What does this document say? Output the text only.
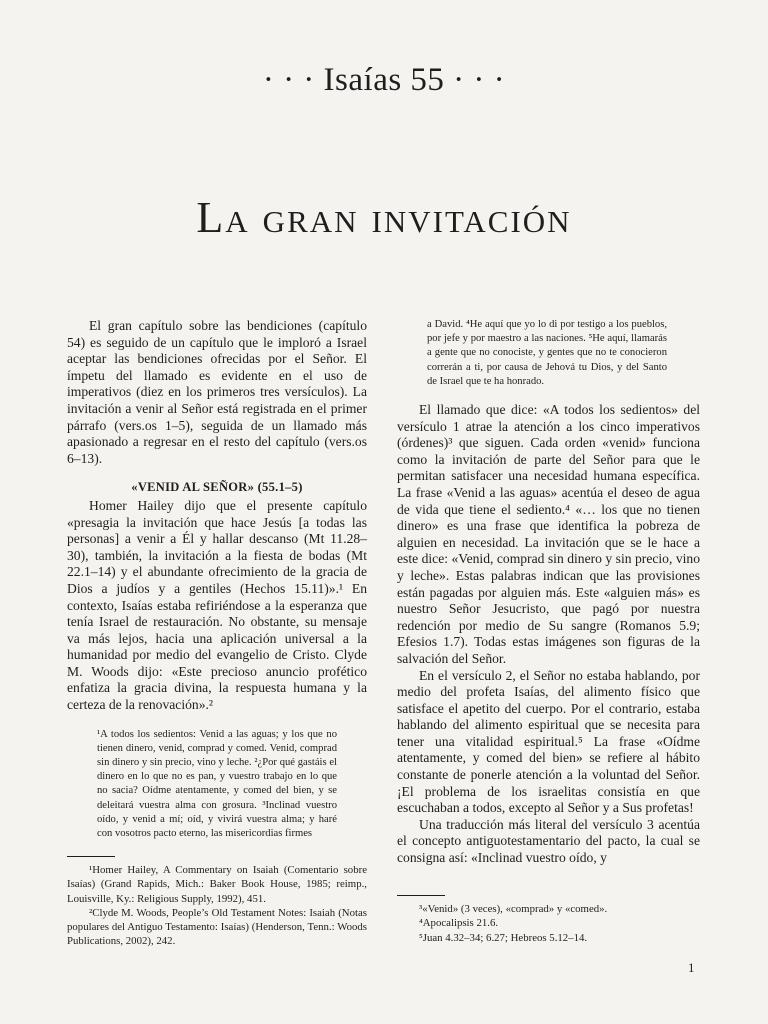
· · · Isaías 55 · · ·
La gran invitación

El gran capítulo sobre las bendiciones (capítulo 54) es seguido de un capítulo que le imploró a Israel aceptar las bendiciones ofrecidas por el Señor. El ímpetu del llamado es evidente en el uso de imperativos (diez en los primeros tres versículos). La invitación a venir al Señor está registrada en el primer párrafo (vers.os 1–5), seguida de un llamado más apasionado a regresar en el resto del capítulo (vers.os 6–13).

«VENID AL SEÑOR» (55.1–5)

Homer Hailey dijo que el presente capítulo «presagia la invitación que hace Jesús [a todas las personas] a venir a Él y hallar descanso (Mt 11.28–30), también, la invitación a la fiesta de bodas (Mt 22.1–14) y el abundante ofrecimiento de la gracia de Dios a judíos y a gentiles (Hechos 15.11)».¹ En contexto, Isaías estaba refiriéndose a la esperanza que tenía Israel de restauración. No obstante, su mensaje va más lejos, hacia una aplicación universal a la humanidad por medio del evangelio de Cristo. Clyde M. Woods dijo: «Este precioso anuncio profético enfatiza la gracia divina, la respuesta humana y la certeza de la renovación».²

¹A todos los sedientos: Venid a las aguas; y los que no tienen dinero, venid, comprad y comed. Venid, comprad sin dinero y sin precio, vino y leche. ²¿Por qué gastáis el dinero en lo que no es pan, y vuestro trabajo en lo que no sacia? Oídme atentamente, y comed del bien, y se deleitará vuestra alma con grosura. ³Inclinad vuestro oído, y venid a mí; oíd, y vivirá vuestra alma; y haré con vosotros pacto eterno, las misericordias firmes
a David. ⁴He aquí que yo lo di por testigo a los pueblos, por jefe y por maestro a las naciones. ⁵He aquí, llamarás a gente que no conociste, y gentes que no te conocieron correrán a ti, por causa de Jehová tu Dios, y del Santo de Israel que te ha honrado.

El llamado que dice: «A todos los sedientos» del versículo 1 atrae la atención a los cinco imperativos (órdenes)³ que siguen. Cada orden «venid» funciona como la invitación de parte del Señor para que le permitan satisfacer una necesidad humana específica. La frase «Venid a las aguas» acentúa el deseo de agua de vida que tiene el sediento.⁴ «… los que no tienen dinero» es una frase que identifica la pobreza de alguien en necesidad. La invitación que se le hace a este dice: «Venid, comprad sin dinero y sin precio, vino y leche». Estas palabras indican que las provisiones están pagadas por alguien más. Este «alguien más» es nuestro Señor Jesucristo, que pagó por nuestra redención por medio de Su sangre (Romanos 5.9; Efesios 1.7). Todas estas imágenes son figuras de la salvación del Señor.

En el versículo 2, el Señor no estaba hablando, por medio del profeta Isaías, del alimento físico que satisface el apetito del cuerpo. Por el contrario, estaba hablando del alimento espiritual que se necesita para tener una vitalidad espiritual.⁵ La frase «Oídme atentamente, y comed del bien» se refiere al hábito constante de ponerle atención a la voluntad del Señor. ¡El problema de los israelitas consistía en que escuchaban a todos, excepto al Señor y a Sus profetas!

Una traducción más literal del versículo 3 acentúa el concepto antiguotestamentario del pacto, la cual se consigna así: «Inclinad vuestro oído, y

¹Homer Hailey, A Commentary on Isaiah (Comentario sobre Isaías) (Grand Rapids, Mich.: Baker Book House, 1985; reimp., Louisville, Ky.: Religious Supply, 1992), 451.

²Clyde M. Woods, People’s Old Testament Notes: Isaiah (Notas populares del Antiguo Testamento: Isaías) (Henderson, Tenn.: Woods Publications, 2002), 242.

³«Venid» (3 veces), «comprad» y «comed».

⁴Apocalipsis 21.6.

⁵Juan 4.32–34; 6.27; Hebreos 5.12–14.

1
